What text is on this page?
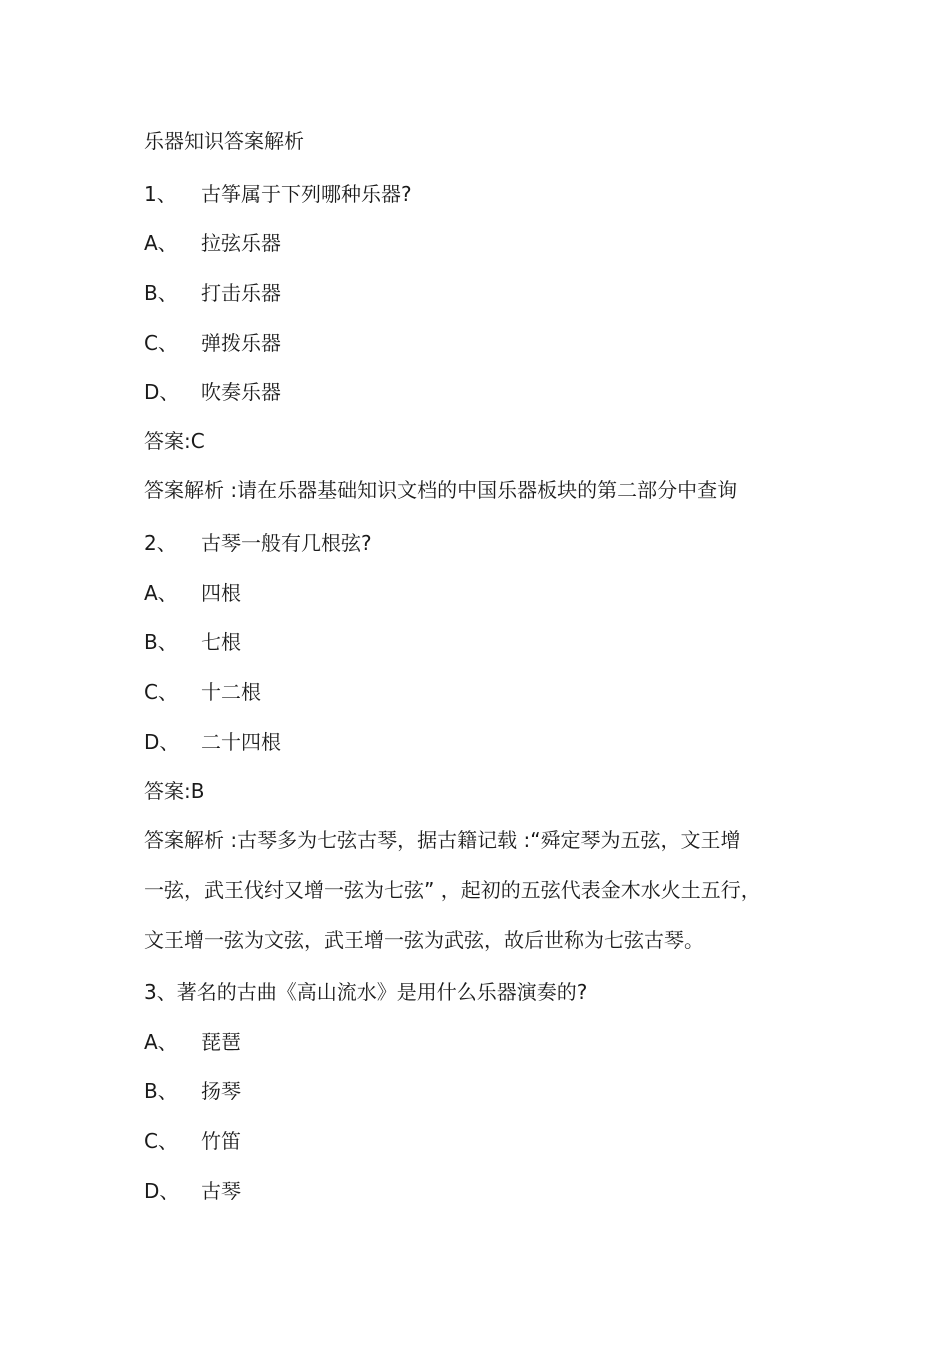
乐器知识答案解析
1、 古筝属于下列哪种乐器?
A、 拉弦乐器
B、 打击乐器
C、 弹拨乐器
D、 吹奏乐器
答案:C
答案解析 :请在乐器基础知识文档的中国乐器板块的第二部分中查询
2、 古琴一般有几根弦?
A、 四根
B、 七根
C、 十二根
D、 二十四根
答案:B
答案解析 :古琴多为七弦古琴，据古籍记载 :“舜定琴为五弦，文王增
一弦，武王伐纣又增一弦为七弦” ，起初的五弦代表金木水火土五行，
文王增一弦为文弦，武王增一弦为武弦，故后世称为七弦古琴。
3、著名的古曲《高山流水》是用什么乐器演奏的?
A、 琵琶
B、 扬琴
C、 竹笛
D、 古琴
